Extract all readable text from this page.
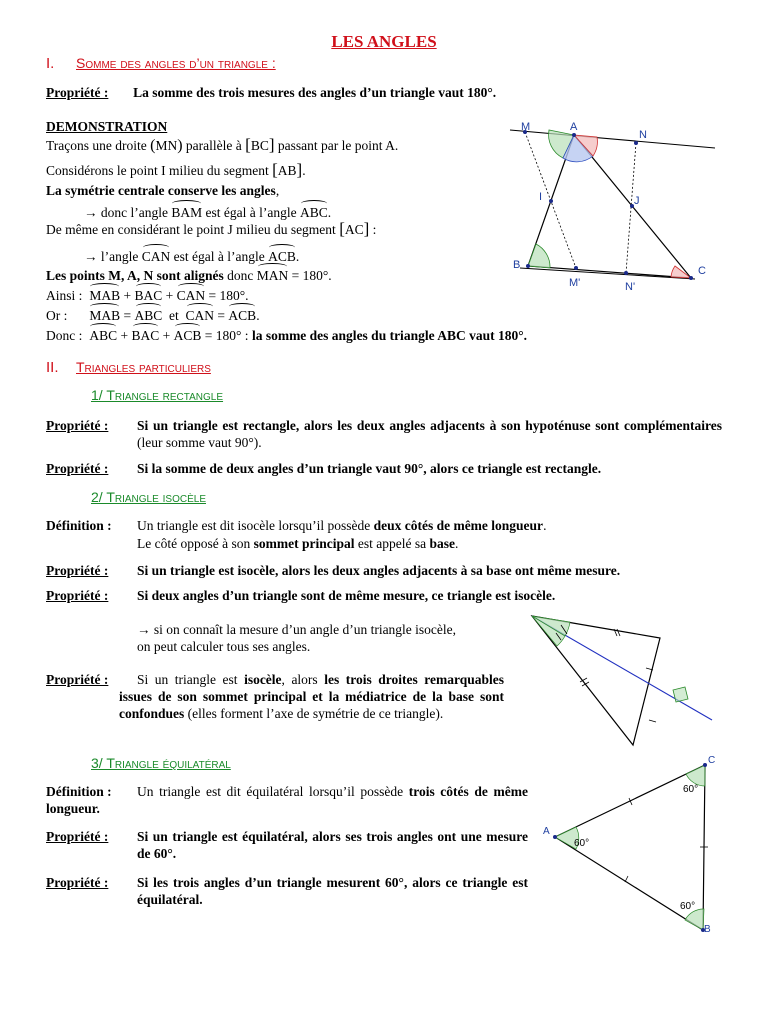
LES ANGLES
I. Somme des angles d’un triangle :
Propriété : La somme des trois mesures des angles d’un triangle vaut 180°.
DEMONSTRATION
Traçons une droite ( MN ) parallèle à [ BC ] passant par le point A.
Considérons le point I milieu du segment [ AB ] .
La symétrie centrale conserve les angles,
→ donc l’angle BAM est égal à l’angle ABC.
De même en considérant le point J milieu du segment [ AC ] :
→ l’angle CAN est égal à l’angle ACB.
Les points M, A, N sont alignés donc MAN = 180°.
Ainsi : MAB + BAC + CAN = 180°.
Or : MAB = ABC et CAN = ACB.
Donc : ABC + BAC + ACB = 180° : la somme des angles du triangle ABC vaut 180°.
M	A
N
I	J
B	C
M'	N'
II. Triangles particuliers
1/ Triangle rectangle
Propriété : Si un triangle est rectangle, alors les deux angles adjacents à son hypoténuse sont complémentaires (leur somme vaut 90°).
Propriété : Si la somme de deux angles d’un triangle vaut 90°, alors ce triangle est rectangle.
2/ Triangle isocèle
Définition : Un triangle est dit isocèle lorsqu’il possède deux côtés de même longueur.
Le côté opposé à son sommet principal est appelé sa base.
Propriété : Si un triangle est isocèle, alors les deux angles adjacents à sa base ont même mesure.
Propriété : Si deux angles d’un triangle sont de même mesure, ce triangle est isocèle.
→ si on connaît la mesure d’un angle d’un triangle isocèle,
on peut calculer tous ses angles.
Propriété :	Si un triangle est isocèle, alors les trois droites remarquables issues de son sommet principal et la médiatrice de la base sont confondues (elles forment l’axe de symétrie de ce triangle).
3/ Triangle équilatéral
Définition :	Un triangle est dit équilatéral lorsqu’il possède trois côtés de même longueur.
Propriété : Si un triangle est équilatéral, alors ses trois angles ont une mesure de 60°.
Propriété : Si les trois angles d’un triangle mesurent 60°, alors ce triangle est équilatéral.
A
C
B
60°
60°
60°
